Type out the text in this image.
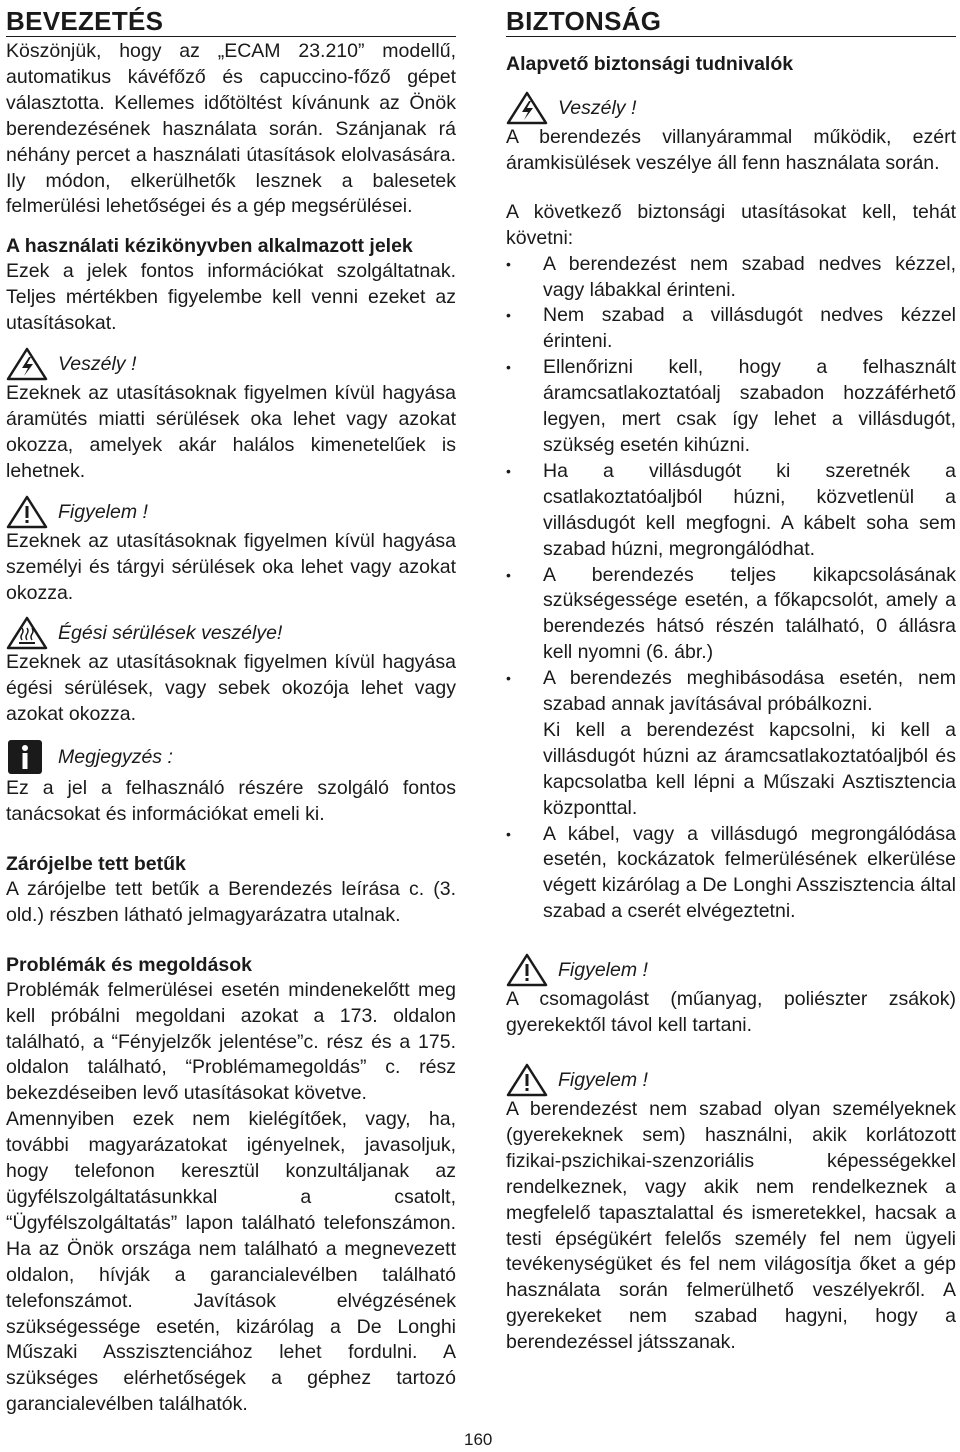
BEVEZETÉS

Köszönjük, hogy az „ECAM 23.210” modellű, automatikus kávéfőző és capuccino-főző gépet választotta. Kellemes időtöltést kívánunk az Önök berendezésének használata során. Szánjanak rá néhány percet a használati útasítások elolvasására. Ily módon, elkerülhetők lesznek a balesetek felmerülési lehetőségei és a gép megsérülései.

A használati kézikönyvben alkalmazott jelek

Ezek a jelek fontos információkat szolgáltatnak. Teljes mértékben figyelembe kell venni ezeket az utasításokat.

Veszély !

Ezeknek az utasításoknak figyelmen kívül hagyása áramütés miatti sérülések oka lehet vagy azokat okozza, amelyek akár halálos kimenetelűek is lehetnek.

Figyelem !

Ezeknek az utasításoknak figyelmen kívül hagyása személyi és tárgyi sérülések oka lehet vagy azokat okozza.

Égési sérülések veszélye!

Ezeknek az utasításoknak figyelmen kívül hagyása égési sérülések, vagy sebek okozója lehet vagy azokat okozza.

Megjegyzés :

Ez a jel a felhasználó részére szolgáló fontos tanácsokat és információkat emeli ki.

Zárójelbe tett betűk

A zárójelbe tett betűk a Berendezés leírása c. (3. old.) részben látható jelmagyarázatra utalnak.

Problémák és megoldások

Problémák felmerülései esetén mindenekelőtt meg kell próbálni megoldani azokat a 173. oldalon található, a “Fényjelzők jelentése”c. rész és a 175. oldalon található, “Problémamegoldás” c. rész bekezdéseiben levő utasításokat követve.

Amennyiben ezek nem kielégítőek, vagy, ha, további magyarázatokat igényelnek, javasoljuk, hogy telefonon keresztül konzultáljanak az ügyfélszolgáltatásunkkal a csatolt, “Ügyfélszolgáltatás” lapon található telefonszámon. Ha az Önök országa nem található a megnevezett oldalon, hívják a garancialevélben található telefonszámot. Javítások elvégzésének szükségessége esetén, kizárólag a De Longhi Műszaki Asszisztenciához lehet fordulni. A szükséges elérhetőségek a géphez tartozó garancialevélben találhatók.

BIZTONSÁG
Alapvető biztonsági tudnivalók
Veszély !

A berendezés villanyárammal működik, ezért áramkisülések veszélye áll fenn használata során.

A következő biztonsági utasításokat kell, tehát követni:

• A berendezést nem szabad nedves kézzel, vagy lábakkal érinteni.
• Nem szabad a villásdugót nedves kézzel érinteni.
• Ellenőrizni kell, hogy a felhasznált áramcsatlakoztatóalj szabadon hozzáférhető legyen, mert csak így lehet a villásdugót, szükség esetén kihúzni.
• Ha a villásdugót ki szeretnék a csatlakoztatóaljból húzni, közvetlenül a villásdugót kell megfogni. A kábelt soha sem szabad húzni, megrongálódhat.
• A berendezés teljes kikapcsolásának szükségessége esetén, a főkapcsolót, amely a berendezés hátsó részén található, 0 állásra kell nyomni (6. ábr.)
• A berendezés meghibásodása esetén, nem szabad annak javításával próbálkozni.
Ki kell a berendezést kapcsolni, ki kell a villásdugót húzni az áramcsatlakoztatóaljból és kapcsolatba kell lépni a Műszaki Asztisztencia központtal.
• A kábel, vagy a villásdugó megrongálódása esetén, kockázatok felmerülésének elkerülése végett kizárólag a De Longhi Asszisztencia által szabad a cserét elvégeztetni.
Figyelem !

A csomagolást (műanyag, poliészter zsákok) gyerekektől távol kell tartani.

Figyelem !

A berendezést nem szabad olyan személyeknek (gyerekeknek sem) használni, akik korlátozott fizikai-pszichikai-szenzoriális képességekkel rendelkeznek, vagy akik nem rendelkeznek a megfelelő tapasztalattal és ismeretekkel, hacsak a testi épségükért felelős személy fel nem ügyeli tevékenységüket és fel nem világosítja őket a gép használata során felmerülhető veszélyekről. A gyerekeket nem szabad hagyni, hogy a berendezéssel játsszanak.

160
